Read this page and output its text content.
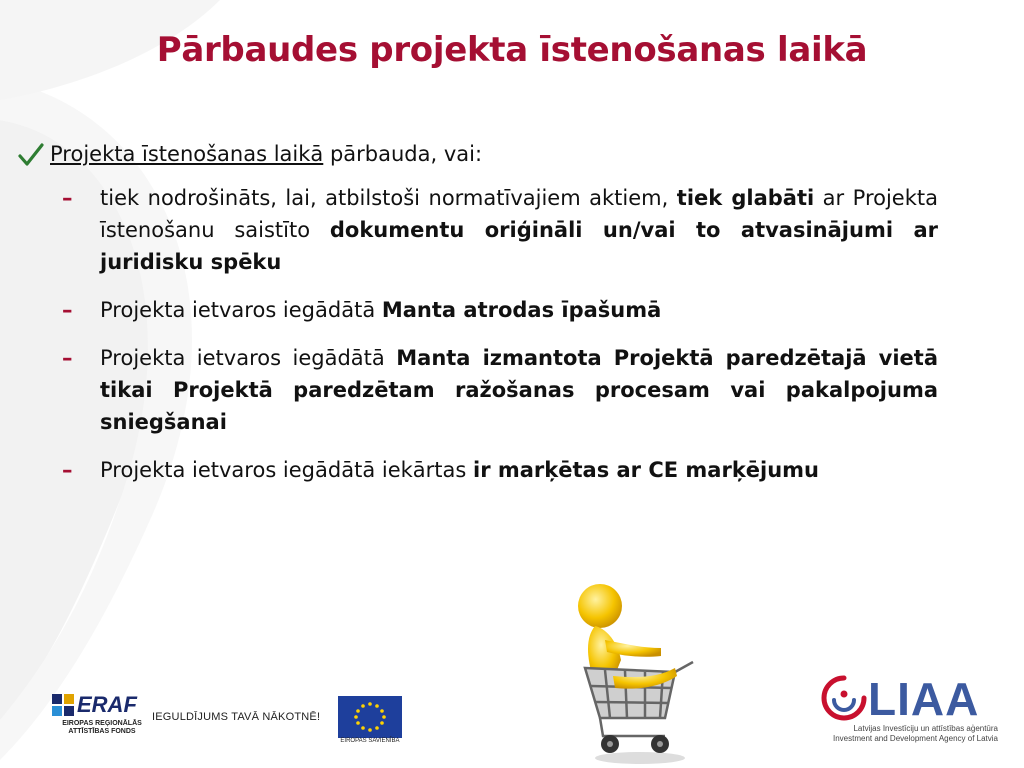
Pārbaudes projekta īstenošanas laikā
Projekta īstenošanas laikā pārbauda, vai:
– tiek nodrošināts, lai, atbilstoši normatīvajiem aktiem, tiek glabāti ar Projekta īstenošanu saistīto dokumentu oriģināli un/vai to atvasinājumi ar juridisku spēku
– Projekta ietvaros iegādātā Manta atrodas īpašumā
– Projekta ietvaros iegādātā Manta izmantota Projektā paredzētajā vietā tikai Projektā paredzētam ražošanas procesam vai pakalpojuma sniegšanai
– Projekta ietvaros iegādātā iekārtas ir marķētas ar CE marķējumu
ERAF
EIROPAS REĢIONĀLĀS
ATTĪSTĪBAS FONDS
IEGULDĪJUMS TAVĀ NĀKOTNĒ!
EIROPAS SAVIENĪBA
LIAA
Latvijas Investīciju un attīstības aģentūra
Investment and Development Agency of Latvia
